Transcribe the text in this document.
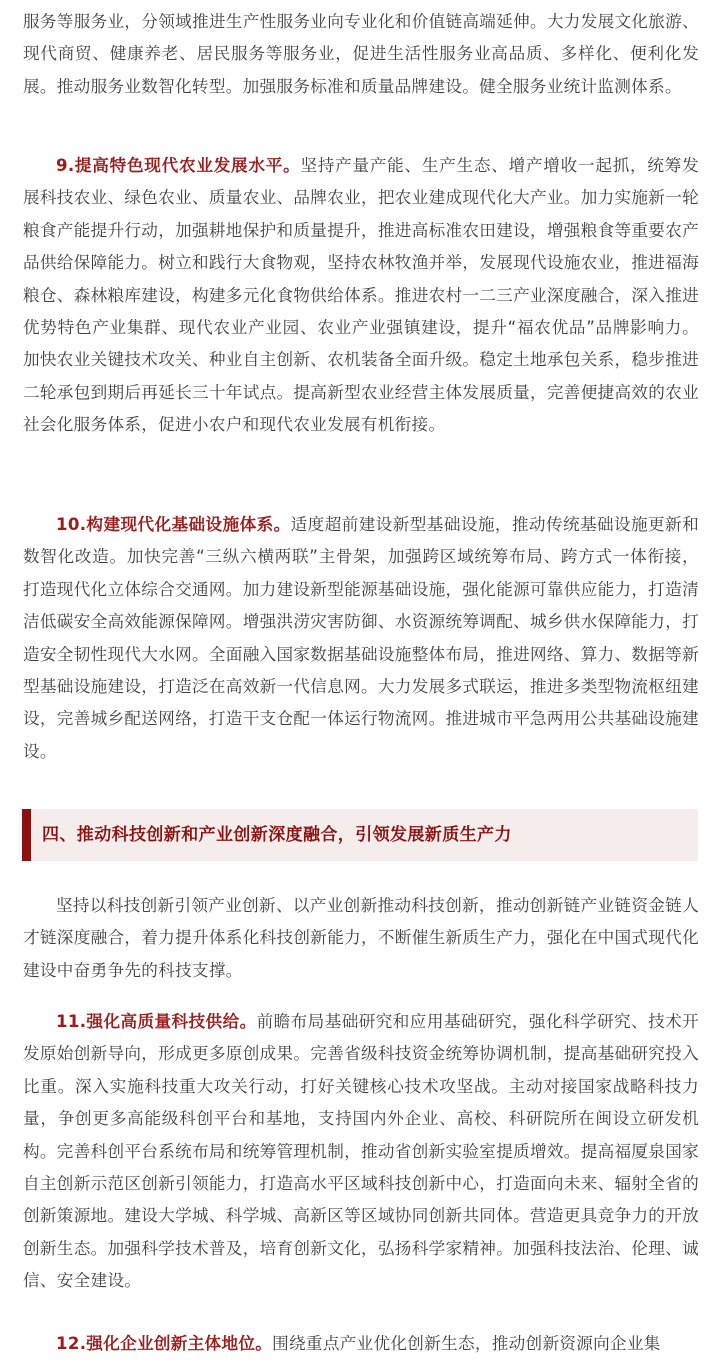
服务等服务业，分领域推进生产性服务业向专业化和价值链高端延伸。大力发展文化旅游、现代商贸、健康养老、居民服务等服务业，促进生活性服务业高品质、多样化、便利化发展。推动服务业数智化转型。加强服务标准和质量品牌建设。健全服务业统计监测体系。

9.提高特色现代农业发展水平。坚持产量产能、生产生态、增产增收一起抓，统筹发展科技农业、绿色农业、质量农业、品牌农业，把农业建成现代化大产业。加力实施新一轮粮食产能提升行动，加强耕地保护和质量提升，推进高标准农田建设，增强粮食等重要农产品供给保障能力。树立和践行大食物观，坚持农林牧渔并举，发展现代设施农业，推进福海粮仓、森林粮库建设，构建多元化食物供给体系。推进农村一二三产业深度融合，深入推进优势特色产业集群、现代农业产业园、农业产业强镇建设，提升“福农优品”品牌影响力。加快农业关键技术攻关、种业自主创新、农机装备全面升级。稳定土地承包关系，稳步推进二轮承包到期后再延长三十年试点。提高新型农业经营主体发展质量，完善便捷高效的农业社会化服务体系，促进小农户和现代农业发展有机衔接。

10.构建现代化基础设施体系。适度超前建设新型基础设施，推动传统基础设施更新和数智化改造。加快完善“三纵六横两联”主骨架，加强跨区域统筹布局、跨方式一体衔接，打造现代化立体综合交通网。加力建设新型能源基础设施，强化能源可靠供应能力，打造清洁低碳安全高效能源保障网。增强洪涝灾害防御、水资源统筹调配、城乡供水保障能力，打造安全韧性现代大水网。全面融入国家数据基础设施整体布局，推进网络、算力、数据等新型基础设施建设，打造泛在高效新一代信息网。大力发展多式联运，推进多类型物流枢纽建设，完善城乡配送网络，打造干支仓配一体运行物流网。推进城市平急两用公共基础设施建设。

四、推动科技创新和产业创新深度融合，引领发展新质生产力

坚持以科技创新引领产业创新、以产业创新推动科技创新，推动创新链产业链资金链人才链深度融合，着力提升体系化科技创新能力，不断催生新质生产力，强化在中国式现代化建设中奋勇争先的科技支撑。

11.强化高质量科技供给。前瞻布局基础研究和应用基础研究，强化科学研究、技术开发原始创新导向，形成更多原创成果。完善省级科技资金统筹协调机制，提高基础研究投入比重。深入实施科技重大攻关行动，打好关键核心技术攻坚战。主动对接国家战略科技力量，争创更多高能级科创平台和基地，支持国内外企业、高校、科研院所在闽设立研发机构。完善科创平台系统布局和统筹管理机制，推动省创新实验室提质增效。提高福厦泉国家自主创新示范区创新引领能力，打造高水平区域科技创新中心，打造面向未来、辐射全省的创新策源地。建设大学城、科学城、高新区等区域协同创新共同体。营造更具竞争力的开放创新生态。加强科学技术普及，培育创新文化，弘扬科学家精神。加强科技法治、伦理、诚信、安全建设。

12.强化企业创新主体地位。围绕重点产业优化创新生态，推动创新资源向企业集
